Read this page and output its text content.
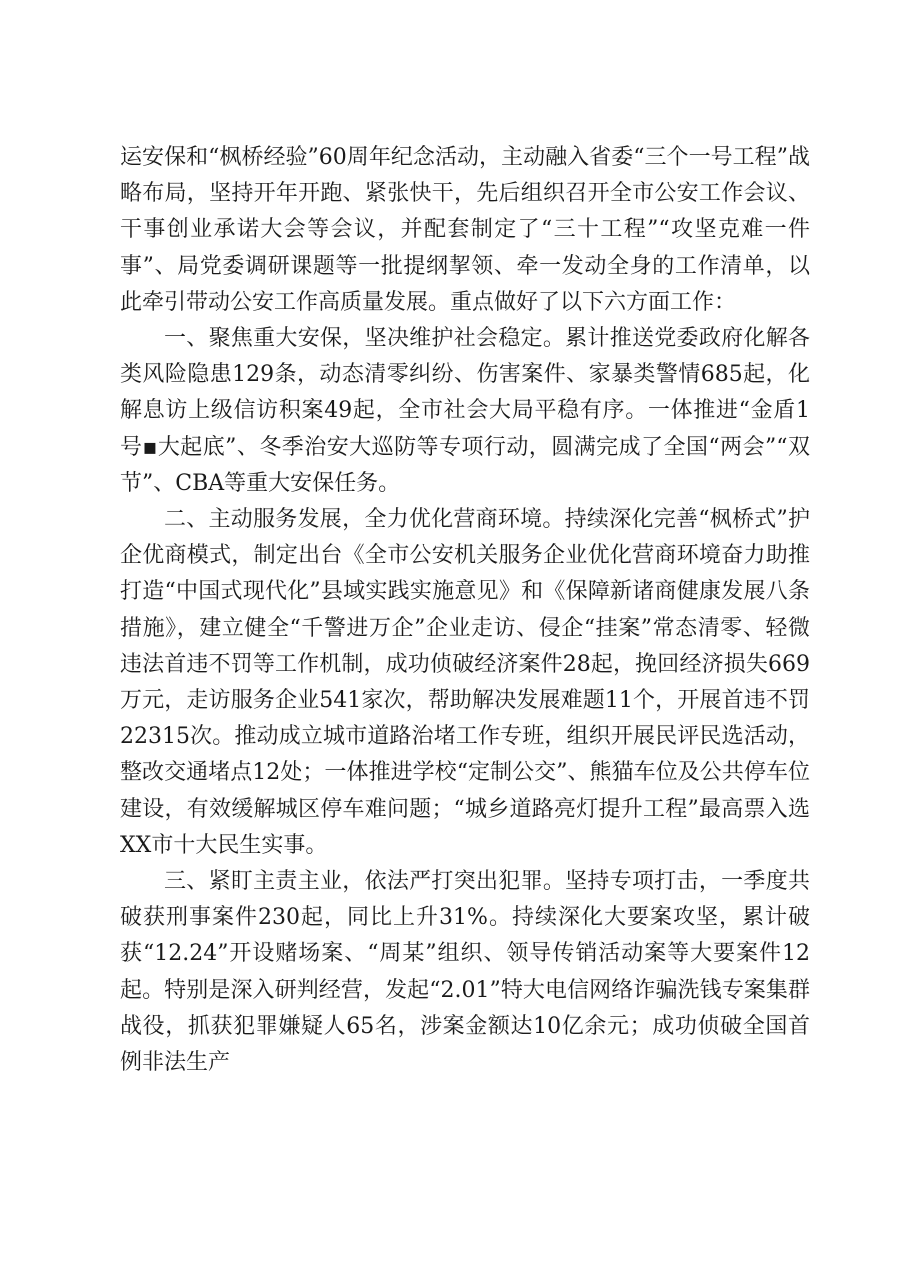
运安保和“枫桥经验”60周年纪念活动，主动融入省委“三个一号工程”战略布局，坚持开年开跑、紧张快干，先后组织召开全市公安工作会议、干事创业承诺大会等会议，并配套制定了“三十工程”“攻坚克难一件事”、局党委调研课题等一批提纲挈领、牵一发动全身的工作清单，以此牵引带动公安工作高质量发展。重点做好了以下六方面工作：

一、聚焦重大安保，坚决维护社会稳定。累计推送党委政府化解各类风险隐患129条，动态清零纠纷、伤害案件、家暴类警情685起，化解息访上级信访积案49起，全市社会大局平稳有序。一体推进“金盾1号▪大起底”、冬季治安大巡防等专项行动，圆满完成了全国“两会”“双节”、CBA等重大安保任务。

二、主动服务发展，全力优化营商环境。持续深化完善“枫桥式”护企优商模式，制定出台《全市公安机关服务企业优化营商环境奋力助推打造“中国式现代化”县域实践实施意见》和《保障新诸商健康发展八条措施》，建立健全“千警进万企”企业走访、侵企“挂案”常态清零、轻微违法首违不罚等工作机制，成功侦破经济案件28起，挽回经济损失669万元，走访服务企业541家次，帮助解决发展难题11个，开展首违不罚22315次。推动成立城市道路治堵工作专班，组织开展民评民选活动，整改交通堵点12处；一体推进学校“定制公交”、熊猫车位及公共停车位建设，有效缓解城区停车难问题；“城乡道路亮灯提升工程”最高票入选XX市十大民生实事。

三、紧盯主责主业，依法严打突出犯罪。坚持专项打击，一季度共破获刑事案件230起，同比上升31%。持续深化大要案攻坚，累计破获“12.24”开设赌场案、“周某”组织、领导传销活动案等大要案件12起。特别是深入研判经营，发起“2.01”特大电信网络诈骗洗钱专案集群战役，抓获犯罪嫌疑人65名，涉案金额达10亿余元；成功侦破全国首例非法生产
